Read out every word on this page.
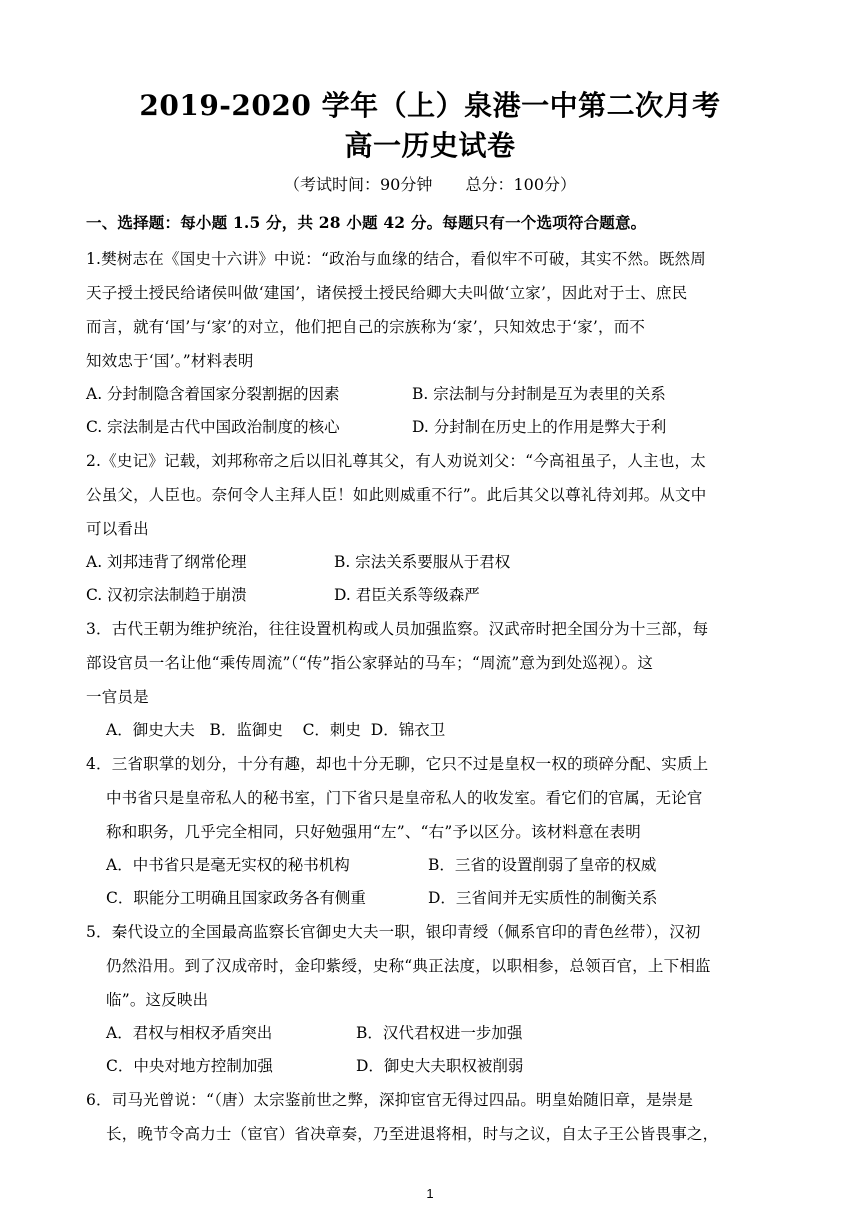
2019-2020 学年（上）泉港一中第二次月考
高一历史试卷
（考试时间：90分钟 总分：100分）
一、选择题：每小题 1.5 分，共 28 小题 42 分。每题只有一个选项符合题意。
1.樊树志在《国史十六讲》中说：“政治与血缘的结合，看似牢不可破，其实不然。既然周
天子授土授民给诸侯叫做‘建国’，诸侯授土授民给卿大夫叫做‘立家’，因此对于士、庶民
而言，就有‘国’与‘家’的对立，他们把自己的宗族称为‘家’，只知效忠于‘家’，而不
知效忠于‘国’。”材料表明
A. 分封制隐含着国家分裂割据的因素	B. 宗法制与分封制是互为表里的关系
C. 宗法制是古代中国政治制度的核心	D. 分封制在历史上的作用是弊大于利
2.《史记》记载，刘邦称帝之后以旧礼尊其父，有人劝说刘父：“今高祖虽子，人主也，太
公虽父，人臣也。奈何令人主拜人臣！如此则威重不行”。此后其父以尊礼待刘邦。从文中
可以看出
A. 刘邦违背了纲常伦理	B. 宗法关系要服从于君权
C. 汉初宗法制趋于崩溃	D. 君臣关系等级森严
3．古代王朝为维护统治，往往设置机构或人员加强监察。汉武帝时把全国分为十三部，每
部设官员一名让他“乘传周流”（“传”指公家驿站的马车；“周流”意为到处巡视）。这
一官员是
A．御史大夫   B．监御史    C．刺史  D．锦衣卫
4．三省职掌的划分，十分有趣，却也十分无聊，它只不过是皇权一权的琐碎分配、实质上
中书省只是皇帝私人的秘书室，门下省只是皇帝私人的收发室。看它们的官属，无论官
称和职务，几乎完全相同，只好勉强用“左”、“右”予以区分。该材料意在表明
A．中书省只是毫无实权的秘书机构	B．三省的设置削弱了皇帝的权威
C．职能分工明确且国家政务各有侧重	D．三省间并无实质性的制衡关系
5．秦代设立的全国最高监察长官御史大夫一职，银印青绶（佩系官印的青色丝带），汉初
仍然沿用。到了汉成帝时，金印紫绶，史称“典正法度，以职相参，总领百官，上下相监
临”。这反映出
A．君权与相权矛盾突出	B．汉代君权进一步加强
C．中央对地方控制加强	D．御史大夫职权被削弱
6．司马光曾说：“（唐）太宗鉴前世之弊，深抑宦官无得过四品。明皇始随旧章，是崇是
长，晚节令高力士（宦官）省决章奏，乃至进退将相，时与之议，自太子王公皆畏事之，
1
